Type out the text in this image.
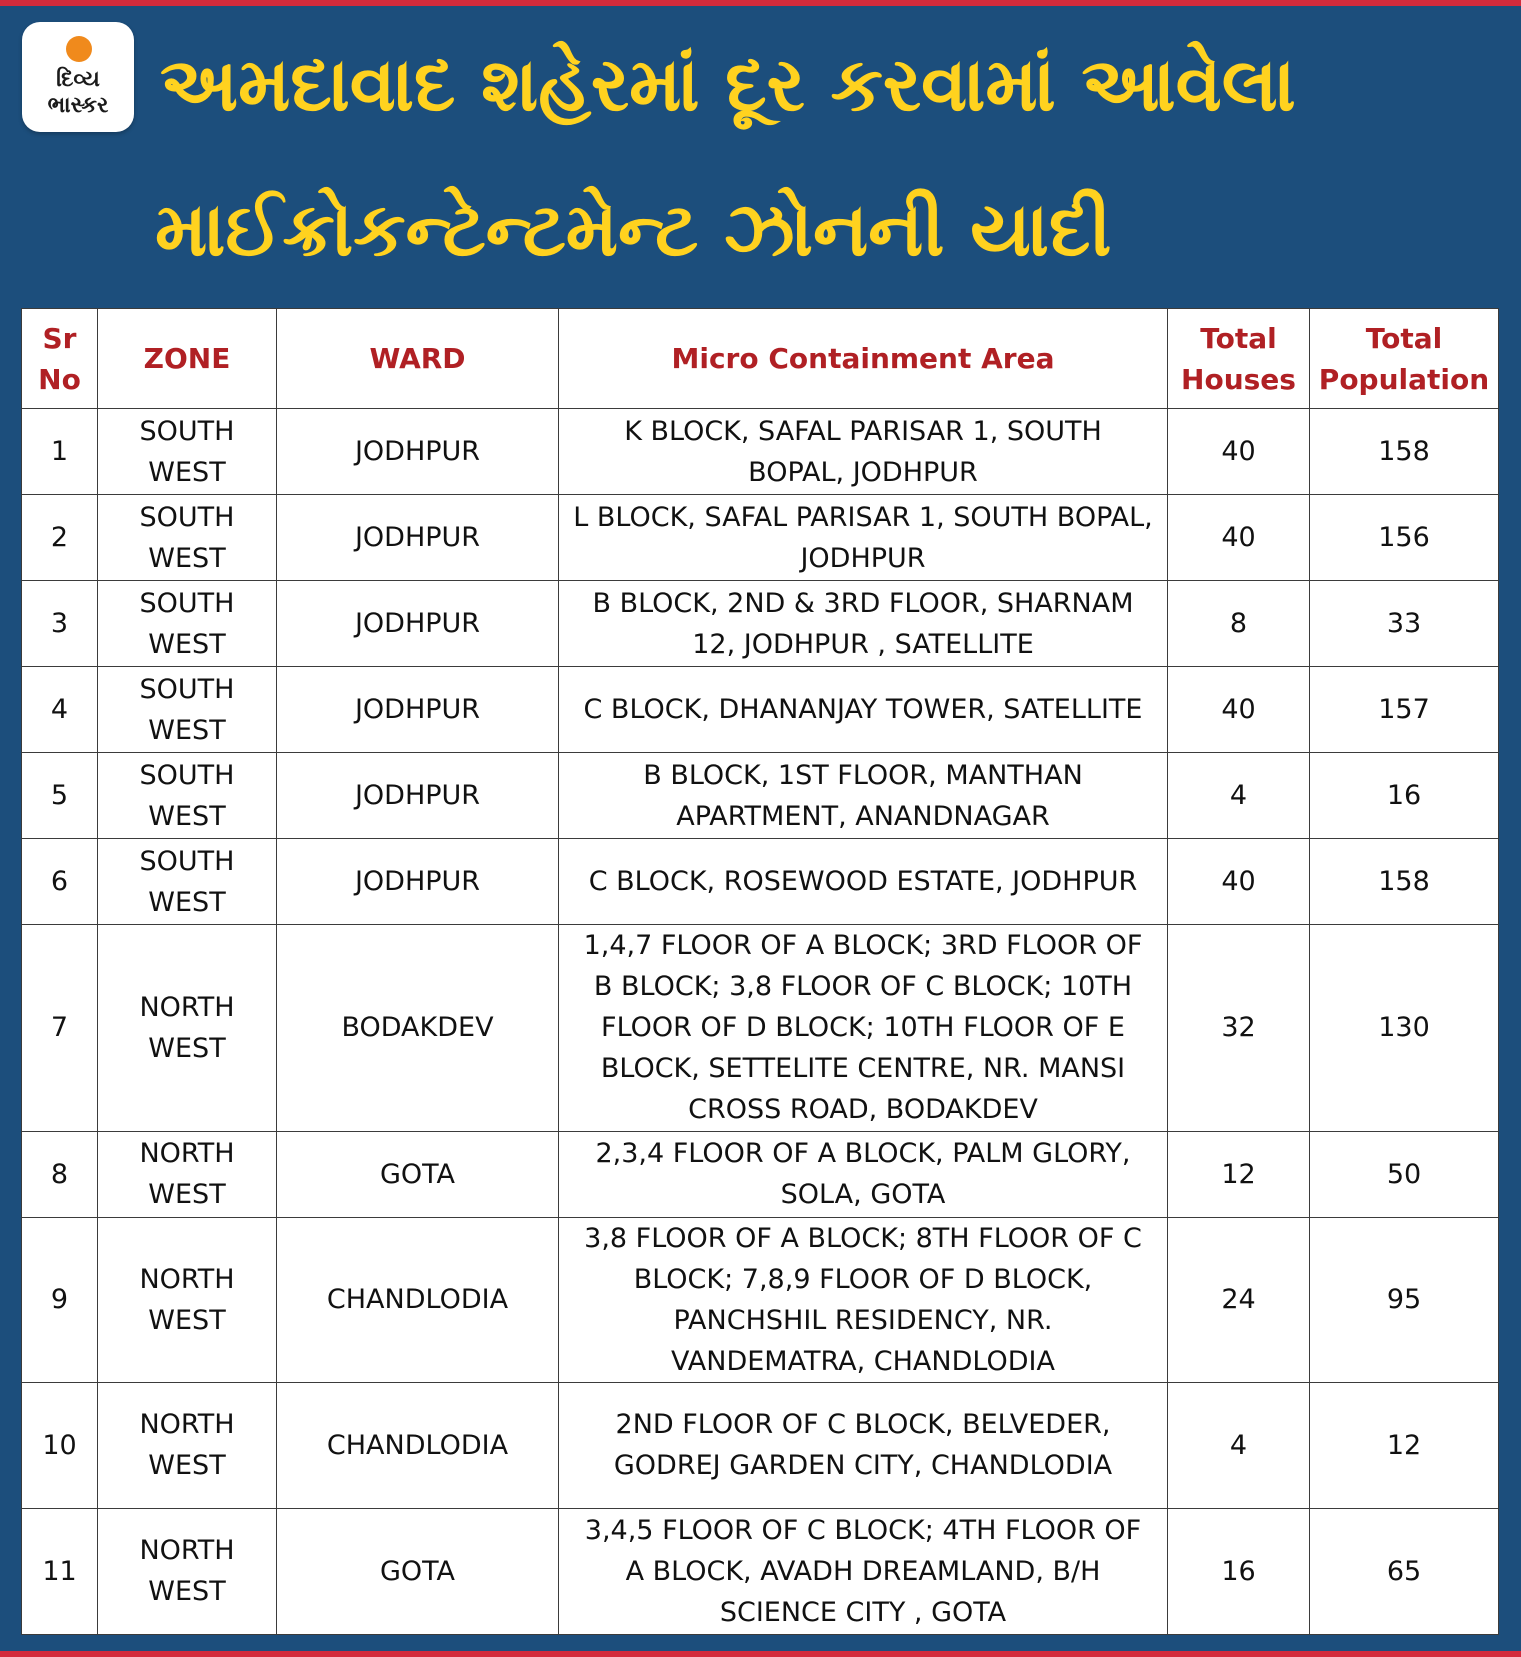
દિવ્ય
ભાસ્કર અમદાવાદ શહેરમાં દૂર કરવામાં આવેલા
માઈક્રોકન્ટેન્ટમેન્ટ ઝોનની યાદી
Sr No	ZONE	WARD	Micro Containment Area	Total Houses	Total Population
1	SOUTH WEST	JODHPUR	K BLOCK, SAFAL PARISAR 1, SOUTH BOPAL, JODHPUR	40	158
2	SOUTH WEST	JODHPUR	L BLOCK, SAFAL PARISAR 1, SOUTH BOPAL, JODHPUR	40	156
3	SOUTH WEST	JODHPUR	B BLOCK, 2ND & 3RD FLOOR, SHARNAM 12, JODHPUR , SATELLITE	8	33
4	SOUTH WEST	JODHPUR	C BLOCK, DHANANJAY TOWER, SATELLITE	40	157
5	SOUTH WEST	JODHPUR	B BLOCK, 1ST FLOOR, MANTHAN APARTMENT, ANANDNAGAR	4	16
6	SOUTH WEST	JODHPUR	C BLOCK, ROSEWOOD ESTATE, JODHPUR	40	158
7	NORTH WEST	BODAKDEV	1,4,7 FLOOR OF A BLOCK; 3RD FLOOR OF B BLOCK; 3,8 FLOOR OF C BLOCK; 10TH FLOOR OF D BLOCK; 10TH FLOOR OF E BLOCK, SETTELITE CENTRE, NR. MANSI CROSS ROAD, BODAKDEV	32	130
8	NORTH WEST	GOTA	2,3,4 FLOOR OF A BLOCK, PALM GLORY, SOLA, GOTA	12	50
9	NORTH WEST	CHANDLODIA	3,8 FLOOR OF A BLOCK; 8TH FLOOR OF C BLOCK; 7,8,9 FLOOR OF D BLOCK, PANCHSHIL RESIDENCY, NR. VANDEMATRA, CHANDLODIA	24	95
10	NORTH WEST	CHANDLODIA	2ND FLOOR OF C BLOCK, BELVEDER, GODREJ GARDEN CITY, CHANDLODIA	4	12
11	NORTH WEST	GOTA	3,4,5 FLOOR OF C BLOCK; 4TH FLOOR OF A BLOCK, AVADH DREAMLAND, B/H SCIENCE CITY , GOTA	16	65
